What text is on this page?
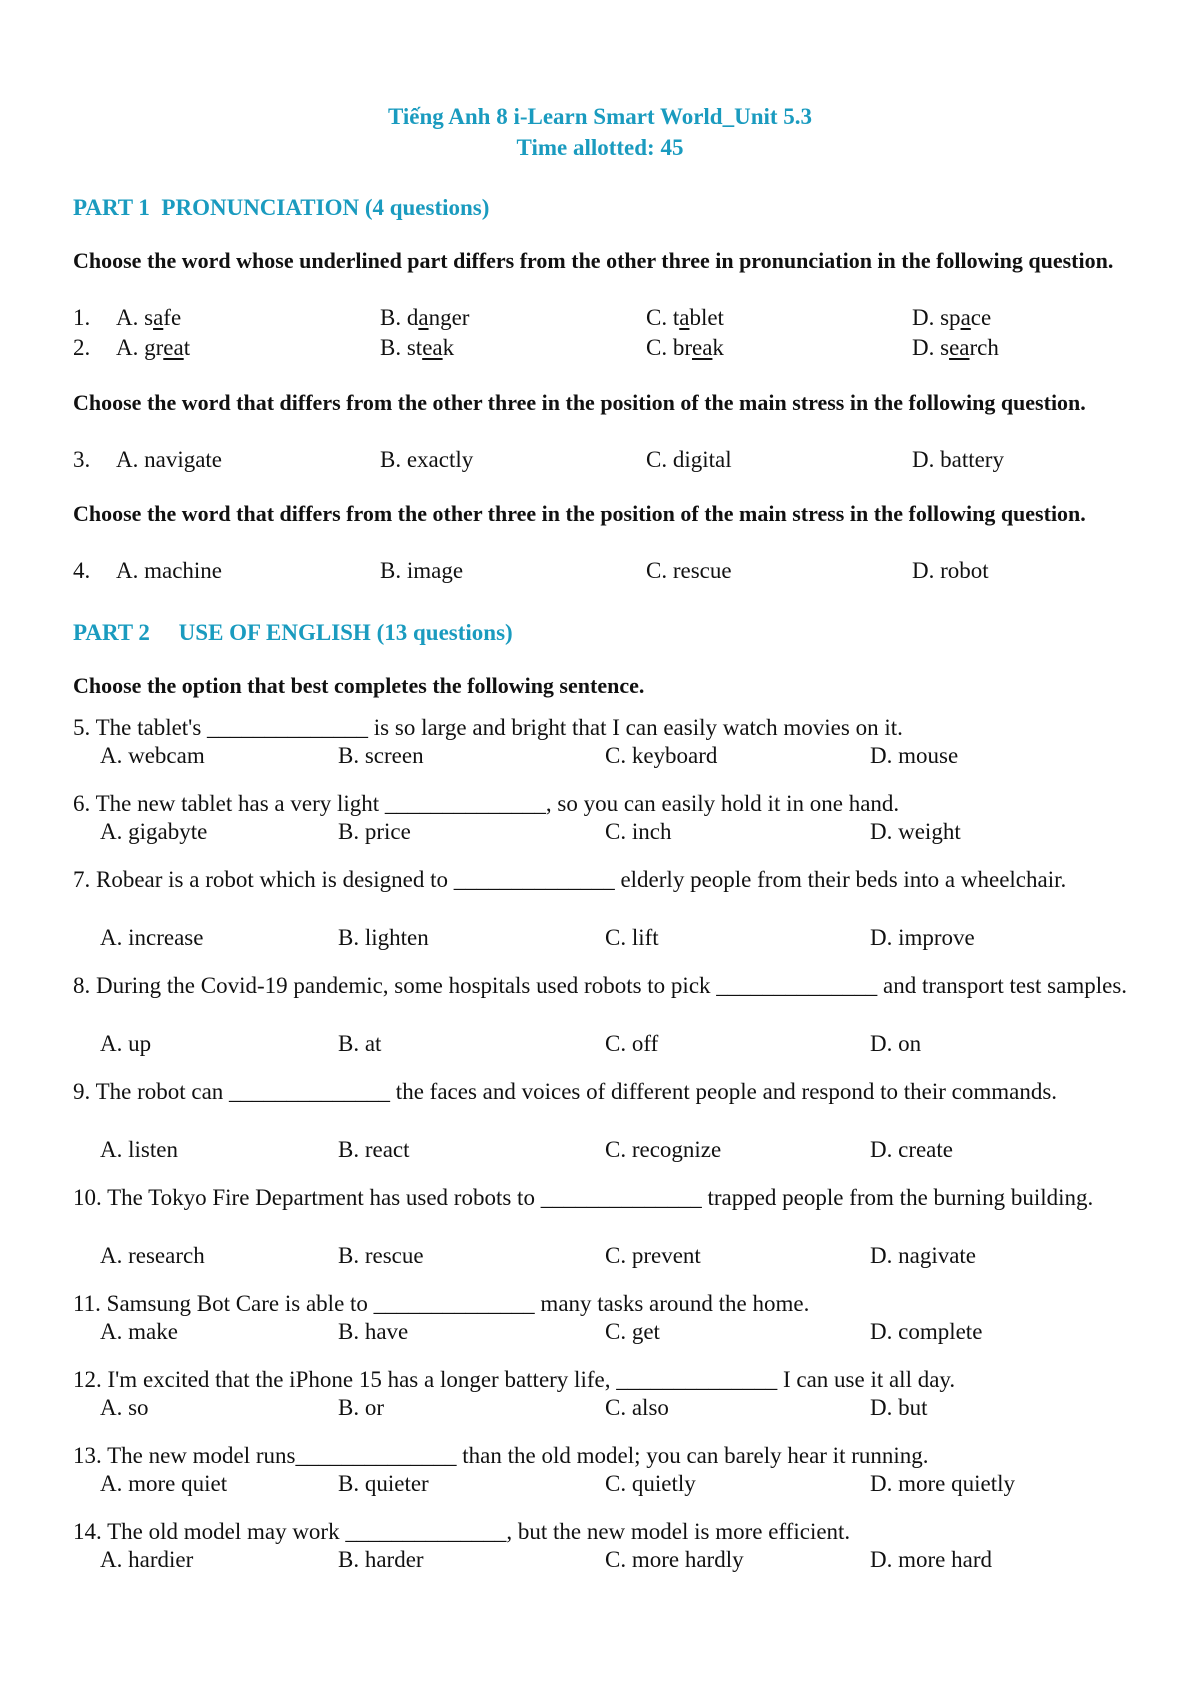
Tiếng Anh 8 i-Learn Smart World_Unit 5.3
Time allotted: 45
PART 1  PRONUNCIATION (4 questions)
Choose the word whose underlined part differs from the other three in pronunciation in the following question.
1. A. safe	B. danger	C. tablet	D. space
2. A. great	B. steak	C. break	D. search
Choose the word that differs from the other three in the position of the main stress in the following question.
3. A. navigate	B. exactly	C. digital	D. battery
Choose the word that differs from the other three in the position of the main stress in the following question.
4. A. machine	B. image	C. rescue	D. robot
PART 2     USE OF ENGLISH (13 questions)
Choose the option that best completes the following sentence.
5. The tablet's ______________ is so large and bright that I can easily watch movies on it.
A. webcam	B. screen	C. keyboard	D. mouse
6. The new tablet has a very light ______________, so you can easily hold it in one hand.
A. gigabyte	B. price	C. inch	D. weight
7. Robear is a robot which is designed to ______________ elderly people from their beds into a wheelchair.
A. increase	B. lighten	C. lift	D. improve
8. During the Covid-19 pandemic, some hospitals used robots to pick ______________ and transport test samples.
A. up	B. at	C. off	D. on
9. The robot can ______________ the faces and voices of different people and respond to their commands.
A. listen	B. react	C. recognize	D. create
10. The Tokyo Fire Department has used robots to ______________ trapped people from the burning building.
A. research	B. rescue	C. prevent	D. nagivate
11. Samsung Bot Care is able to ______________ many tasks around the home.
A. make	B. have	C. get	D. complete
12. I'm excited that the iPhone 15 has a longer battery life, ______________ I can use it all day.
A. so	B. or	C. also	D. but
13. The new model runs______________ than the old model; you can barely hear it running.
A. more quiet	B. quieter	C. quietly	D. more quietly
14. The old model may work ______________, but the new model is more efficient.
A. hardier	B. harder	C. more hardly	D. more hard
